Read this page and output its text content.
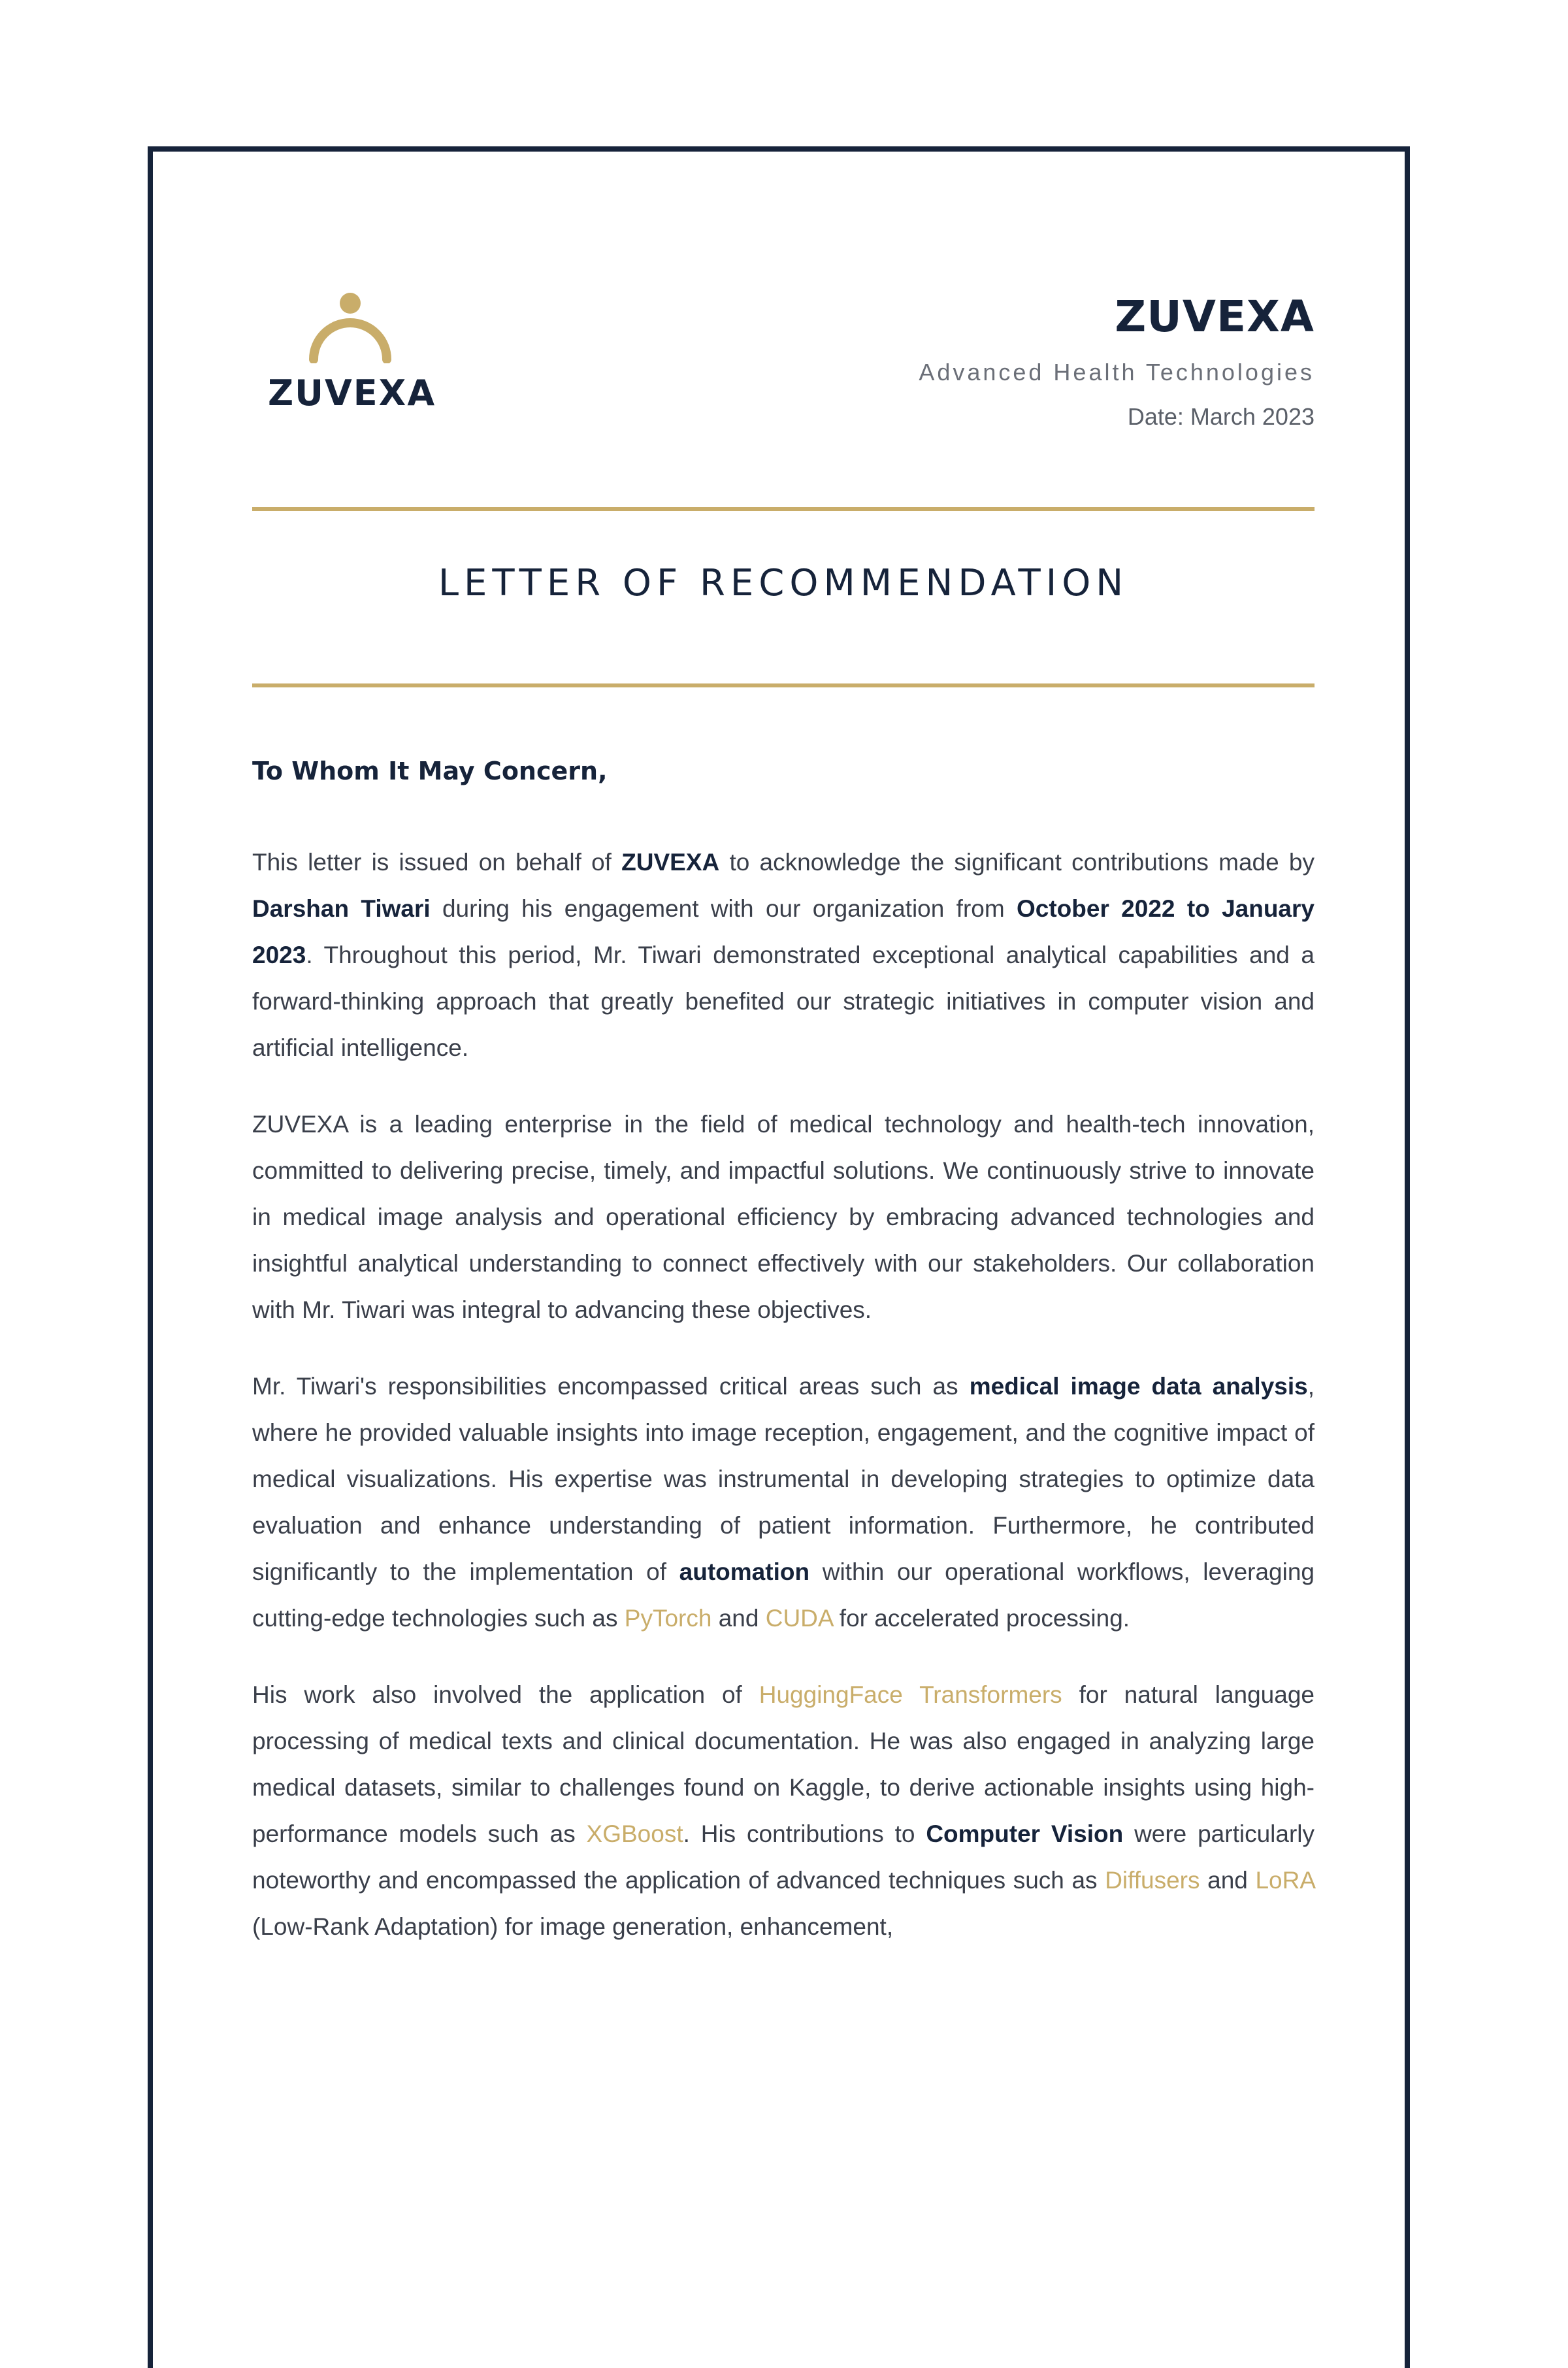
ZUVEXA
ZUVEXA
Advanced Health Technologies
Date: March 2023
LETTER OF RECOMMENDATION
To Whom It May Concern,

This letter is issued on behalf of ZUVEXA to acknowledge the significant contributions made by Darshan Tiwari during his engagement with our organization from October 2022 to January 2023. Throughout this period, Mr. Tiwari demonstrated exceptional analytical capabilities and a forward-thinking approach that greatly benefited our strategic initiatives in computer vision and artificial intelligence.

ZUVEXA is a leading enterprise in the field of medical technology and health-tech innovation, committed to delivering precise, timely, and impactful solutions. We continuously strive to innovate in medical image analysis and operational efficiency by embracing advanced technologies and insightful analytical understanding to connect effectively with our stakeholders. Our collaboration with Mr. Tiwari was integral to advancing these objectives.

Mr. Tiwari's responsibilities encompassed critical areas such as medical image data analysis, where he provided valuable insights into image reception, engagement, and the cognitive impact of medical visualizations. His expertise was instrumental in developing strategies to optimize data evaluation and enhance understanding of patient information. Furthermore, he contributed significantly to the implementation of automation within our operational workflows, leveraging cutting-edge technologies such as PyTorch and CUDA for accelerated processing.

His work also involved the application of HuggingFace Transformers for natural language processing of medical texts and clinical documentation. He was also engaged in analyzing large medical datasets, similar to challenges found on Kaggle, to derive actionable insights using high-performance models such as XGBoost. His contributions to Computer Vision were particularly noteworthy and encompassed the application of advanced techniques such as Diffusers and LoRA (Low-Rank Adaptation) for image generation, enhancement,
